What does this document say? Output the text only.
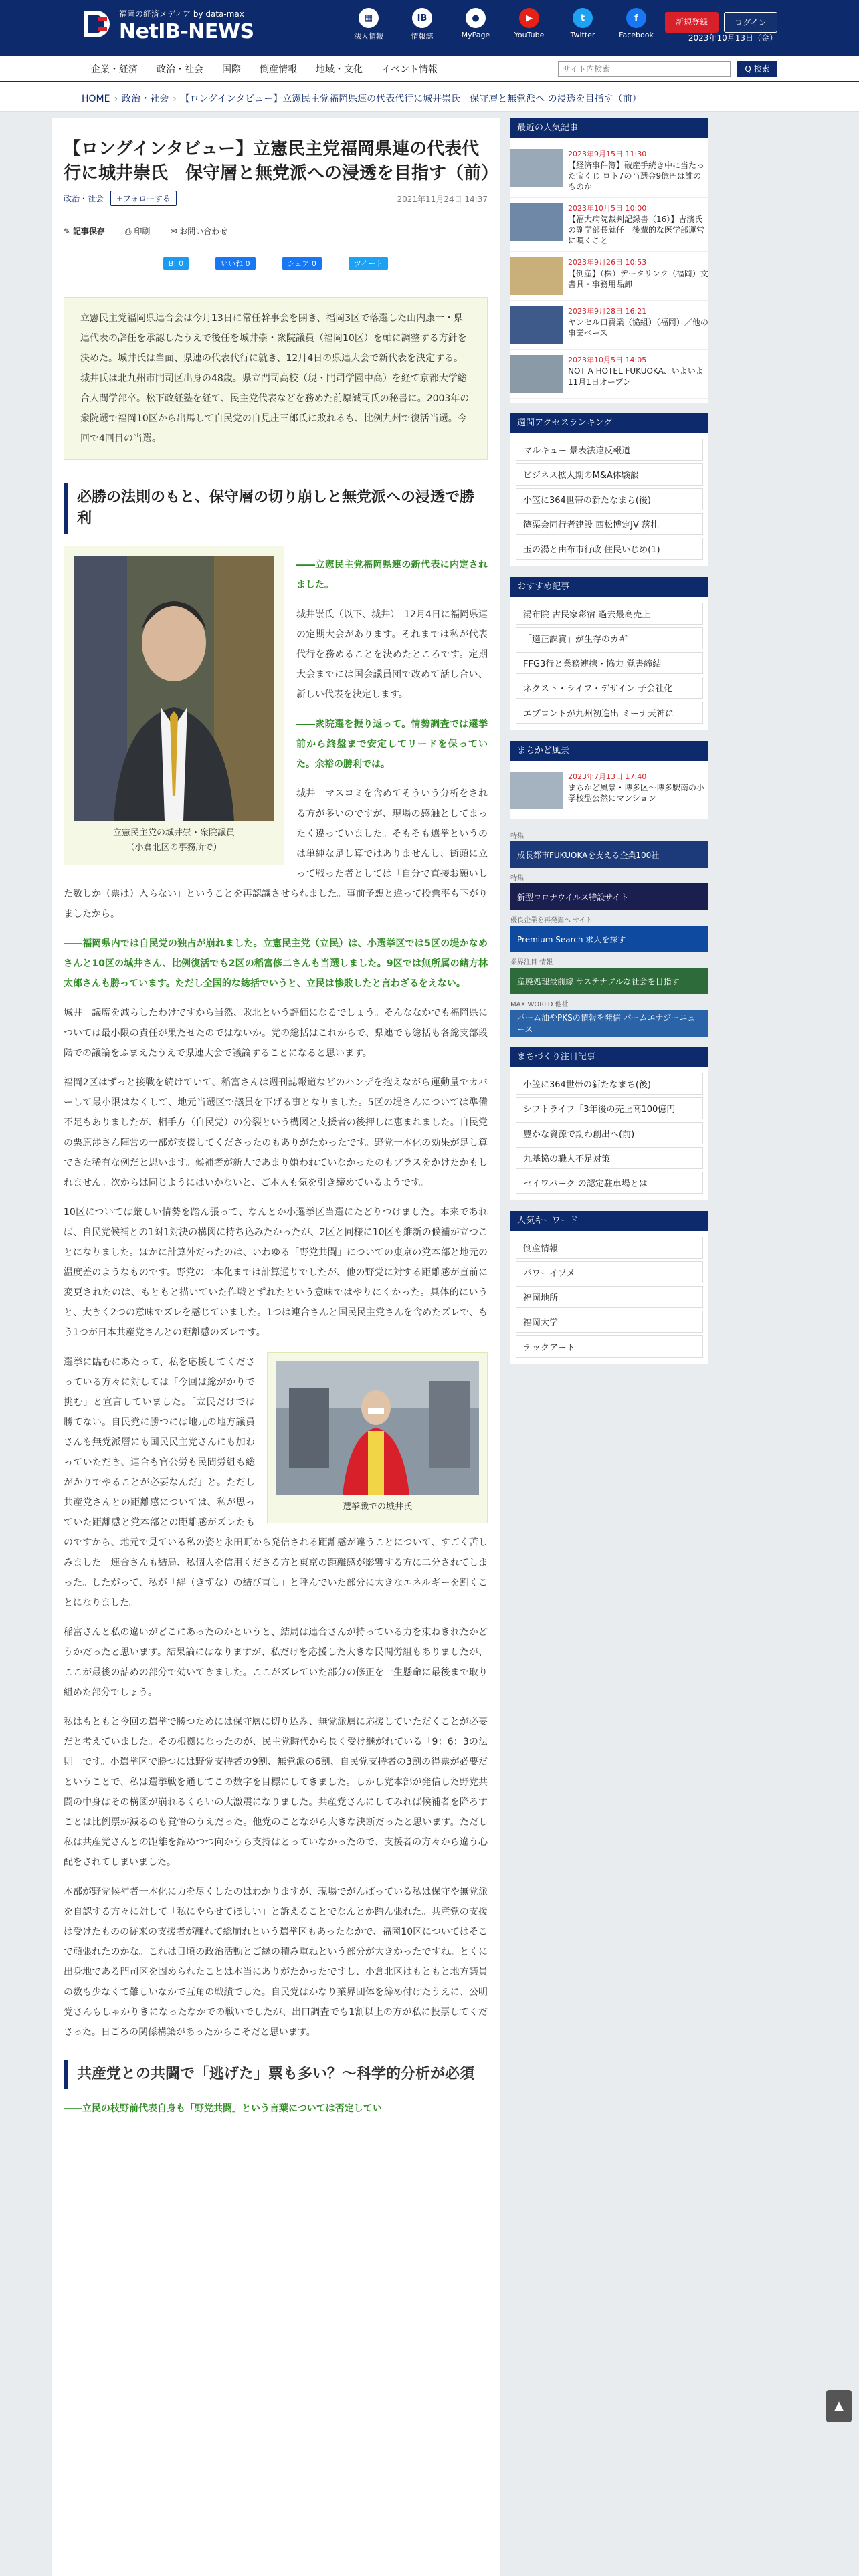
福岡の経済メディア by data-max
NetIB-NEWS
▦
法人情報
IB
情報誌
●
MyPage
▶
YouTube
t
Twitter
f
Facebook
新規登録	ログイン
2023年10月13日（金）
企業・経済	政治・社会	国際	倒産情報	地域・文化	イベント情報
サイト内検索	Q 検索
HOME › 政治・社会 › 【ロングインタビュー】立憲民主党福岡県連の代表代行に城井崇氏　保守層と無党派へ の浸透を目指す（前）
【ロングインタビュー】立憲民主党福岡県連の代表代行に城井崇氏　保守層と無党派への浸透を目指す（前）
政治・社会 +フォローする	2021年11月24日 14:37
✎ 記事保存	⎙ 印刷	✉ お問い合わせ
B! 0	いいね 0	シェア 0	ツイート
立憲民主党福岡県連合会は今月13日に常任幹事会を開き、福岡3区で落選した山内康一・県連代表の辞任を承認したうえで後任を城井崇・衆院議員（福岡10区）を軸に調整する方針を決めた。城井氏は当面、県連の代表代行に就き、12月4日の県連大会で新代表を決定する。城井氏は北九州市門司区出身の48歳。県立門司高校（現・門司学園中高）を経て京都大学総合人間学部卒。松下政経塾を経て、民主党代表などを務めた前原誠司氏の秘書に。2003年の衆院選で福岡10区から出馬して自民党の自見庄三郎氏に敗れるも、比例九州で復活当選。今回で4回目の当選。
必勝の法則のもと、保守層の切り崩しと無党派への浸透で勝利
立憲民主党の城井崇・衆院議員
（小倉北区の事務所で）

――立憲民主党福岡県連の新代表に内定されました。

城井崇氏（以下、城井）　12月4日に福岡県連の定期大会があります。それまでは私が代表代行を務めることを決めたところです。定期大会までには国会議員団で改めて話し合い、新しい代表を決定します。

――衆院選を振り返って。情勢調査では選挙前から終盤まで安定してリードを保っていた。余裕の勝利では。

城井　マスコミを含めてそういう分析をされる方が多いのですが、現場の感触としてまったく違っていました。そもそも選挙というのは単純な足し算ではありませんし、街頭に立って戦った者としては「自分で直接お願いした数しか（票は）入らない」ということを再認識させられました。事前予想と違って投票率も下がりましたから。

――福岡県内では自民党の独占が崩れました。立憲民主党（立民）は、小選挙区では5区の堤かなめさんと10区の城井さん、比例復活でも2区の稲富修二さんも当選しました。9区では無所属の緒方林太郎さんも勝っています。ただし全国的な総括でいうと、立民は惨敗したと言わざるをえない。

城井　議席を減らしたわけですから当然、敗北という評価になるでしょう。そんななかでも福岡県については最小限の責任が果たせたのではないか。党の総括はこれからで、県連でも総括も各総支部段階での議論をふまえたうえで県連大会で議論することになると思います。

福岡2区はずっと接戦を続けていて、稲富さんは週刊誌報道などのハンデを抱えながら運動量でカバーして最小限はなくして、地元当選区で議員を下げる事となりました。5区の堤さんについては準備不足もありましたが、相手方（自民党）の分裂という構図と支援者の後押しに恵まれました。自民党の栗原渉さん陣営の一部が支援してくださったのもありがたかったです。野党一本化の効果が足し算でさた稀有な例だと思います。候補者が新人であまり嫌われていなかったのもプラスをかけたかもしれません。次からは同じようにはいかないと、ご本人も気を引き締めているようです。

10区については厳しい情勢を踏ん張って、なんとか小選挙区当選にたどりつけました。本来であれば、自民党候補との1対1対決の構図に持ち込みたかったが、2区と同様に10区も維新の候補が立つことになりました。ほかに計算外だったのは、いわゆる「野党共闘」についての東京の党本部と地元の温度差のようなものです。野党の一本化までは計算通りでしたが、他の野党に対する距離感が直前に変更されたのは、もともと描いていた作戦とずれたという意味ではやりにくかった。具体的にいうと、大きく2つの意味でズレを感じていました。1つは連合さんと国民民主党さんを含めたズレで、もう1つが日本共産党さんとの距離感のズレです。

選挙戦での城井氏

選挙に臨むにあたって、私を応援してくださっている方々に対しては「今回は総がかりで挑む」と宣言していました。「立民だけでは勝てない。自民党に勝つには地元の地方議員さんも無党派層にも国民民主党さんにも加わっていただき、連合も官公労も民間労組も総がかりでやることが必要なんだ」と。ただし共産党さんとの距離感については、私が思っていた距離感と党本部との距離感がズレたものですから、地元で見ている私の姿と永田町から発信される距離感が違うことについて、すごく苦しみました。連合さんも結局、私個人を信用くださる方と東京の距離感が影響する方に二分されてしまった。したがって、私が「絆（きずな）の結び直し」と呼んでいた部分に大きなエネルギーを割くことになりました。

稲富さんと私の違いがどこにあったのかというと、結局は連合さんが持っている力を束ねきれたかどうかだったと思います。結果論にはなりますが、私だけを応援した大きな民間労組もありましたが、ここが最後の詰めの部分で効いてきました。ここがズレていた部分の修正を一生懸命に最後まで取り組めた部分でしょう。

私はもともと今回の選挙で勝つためには保守層に切り込み、無党派層に応援していただくことが必要だと考えていました。その根拠になったのが、民主党時代から長く受け継がれている「9：6：3の法則」です。小選挙区で勝つには野党支持者の9割、無党派の6割、自民党支持者の3割の得票が必要だということで、私は選挙戦を通してこの数字を目標にしてきました。しかし党本部が発信した野党共闘の中身はその構図が崩れるくらいの大激震になりました。共産党さんにしてみれば候補者を降ろすことは比例票が減るのも覚悟のうえだった。他党のことながら大きな決断だったと思います。ただし私は共産党さんとの距離を縮めつつ向かうら支持はとっていなかったので、支援者の方々から違う心配をされてしまいました。

本部が野党候補者一本化に力を尽くしたのはわかりますが、現場でがんばっている私は保守や無党派を自認する方々に対して「私にやらせてほしい」と訴えることでなんとか踏ん張れた。共産党の支援は受けたものの従来の支援者が離れて総崩れという選挙区もあったなかで、福岡10区についてはそこで頑張れたのかな。これは日頃の政治活動とご縁の積み重ねという部分が大きかったですね。とくに出身地である門司区を固められたことは本当にありがたかったですし、小倉北区はもともと地方議員の数も少なくて難しいなかで互角の戦績でした。自民党はかなり業界団体を締め付けたうえに、公明党さんもしゃかりきになったなかでの戦いでしたが、出口調査でも1割以上の方が私に投票してくださった。日ごろの関係構築があったからこそだと思います。

共産党との共闘で「逃げた」票も多い？～科学的分析が必須

――立民の枝野前代表自身も「野党共闘」という言葉については否定してい

最近の人気記事
2023年9月15日 11:30
【経済事件簿】破産手続き中に当たった宝くじ ロト7の当選金9億円は誰のものか
2023年10月5日 10:00
【福大病院裁判記録書（16）】吉濱氏の副学部長就任　後輩的な医学部運営に嘆くこと
2023年9月26日 10:53
【倒産】（株）データリンク（福岡）文書具・事務用品卸
2023年9月28日 16:21
ヤンセル口費業（協組）（福岡）／他の事業ベース
2023年10月5日 14:05
NOT A HOTEL FUKUOKA、いよいよ11月1日オープン
週間アクセスランキング
マルキュー 景表法違反報道
ビジネス拡大期のM&A体験談
小笠に364世帯の新たなまち(後)
篠栗会同行者建設 西松博定JV 落札
玉の湯と由布市行政 住民いじめ(1)
おすすめ記事
湯布院 古民家彩宿 過去最高売上
「適正課賞」が生存のカギ
FFG3行と業務連携・協力 覚書締結
ネクスト・ライフ・デザイン 子会社化
エプロントが九州初進出 ミーナ天神に
まちかど風景
2023年7月13日 17:40
まちかど風景・博多区〜博多駅南の小学校型公然にマンション
特集
成長都市FUKUOKAを支える企業100社
特集
新型コロナウイルス特設サイト
優良企業を再発掘へ サイト
Premium Search 求人を探す
業界注目 情報
産廃処理最前線 サステナブルな社会を目指す
MAX WORLD 他社
パーム油やPKSの情報を発信 パームエナジーニュース
まちづくり注目記事
小笠に364世帯の新たなまち(後)
シフトライフ「3年後の売上高100億円」
豊かな資源で期わ創出へ(前)
九基協の職人不足対策
セイワパーク の認定駐車場とは
人気キーワード
倒産情報
パワーイソメ
福岡地所
福岡大学
テックアート
▲
